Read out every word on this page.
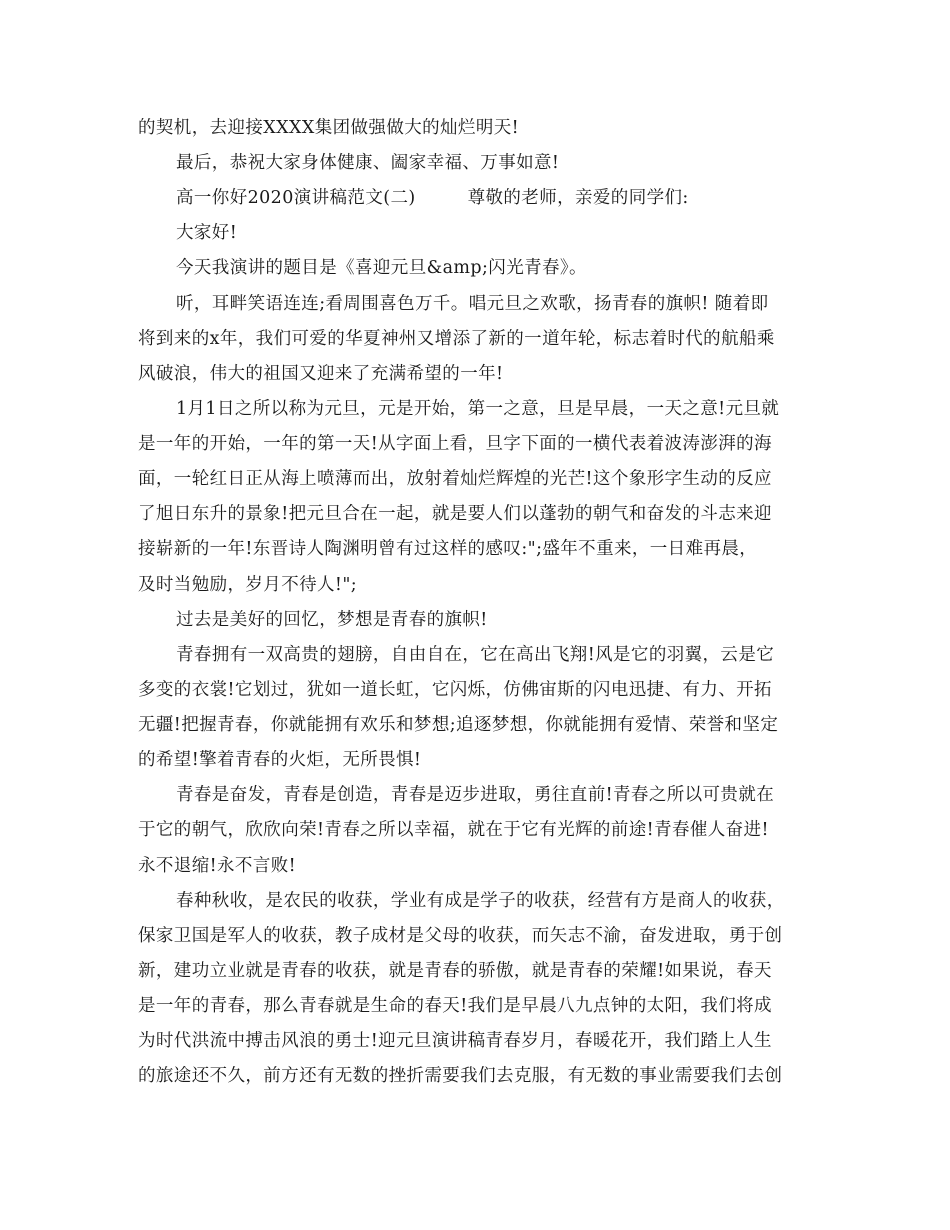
的契机，去迎接XXXX集团做强做大的灿烂明天!
最后，恭祝大家身体健康、阖家幸福、万事如意!
高一你好2020演讲稿范文(二)	尊敬的老师，亲爱的同学们:
大家好!
今天我演讲的题目是《喜迎元旦&amp;闪光青春》。
听，耳畔笑语连连;看周围喜色万千。唱元旦之欢歌，扬青春的旗帜! 随着即
将到来的x年，我们可爱的华夏神州又增添了新的一道年轮，标志着时代的航船乘
风破浪，伟大的祖国又迎来了充满希望的一年!
1月1日之所以称为元旦，元是开始，第一之意，旦是早晨，一天之意!元旦就
是一年的开始，一年的第一天!从字面上看，旦字下面的一横代表着波涛澎湃的海
面，一轮红日正从海上喷薄而出，放射着灿烂辉煌的光芒!这个象形字生动的反应
了旭日东升的景象!把元旦合在一起，就是要人们以蓬勃的朝气和奋发的斗志来迎
接崭新的一年!东晋诗人陶渊明曾有过这样的感叹:";盛年不重来，一日难再晨，
及时当勉励，岁月不待人!";
过去是美好的回忆，梦想是青春的旗帜!
青春拥有一双高贵的翅膀，自由自在，它在高出飞翔!风是它的羽翼，云是它
多变的衣裳!它划过，犹如一道长虹，它闪烁，仿佛宙斯的闪电迅捷、有力、开拓
无疆!把握青春，你就能拥有欢乐和梦想;追逐梦想，你就能拥有爱情、荣誉和坚定
的希望!擎着青春的火炬，无所畏惧!
青春是奋发，青春是创造，青春是迈步进取，勇往直前!青春之所以可贵就在
于它的朝气，欣欣向荣!青春之所以幸福，就在于它有光辉的前途!青春催人奋进!
永不退缩!永不言败!
春种秋收，是农民的收获，学业有成是学子的收获，经营有方是商人的收获，
保家卫国是军人的收获，教子成材是父母的收获，而矢志不渝，奋发进取，勇于创
新，建功立业就是青春的收获，就是青春的骄傲，就是青春的荣耀!如果说，春天
是一年的青春，那么青春就是生命的春天!我们是早晨八九点钟的太阳，我们将成
为时代洪流中搏击风浪的勇士!迎元旦演讲稿青春岁月，春暖花开，我们踏上人生
的旅途还不久，前方还有无数的挫折需要我们去克服，有无数的事业需要我们去创
